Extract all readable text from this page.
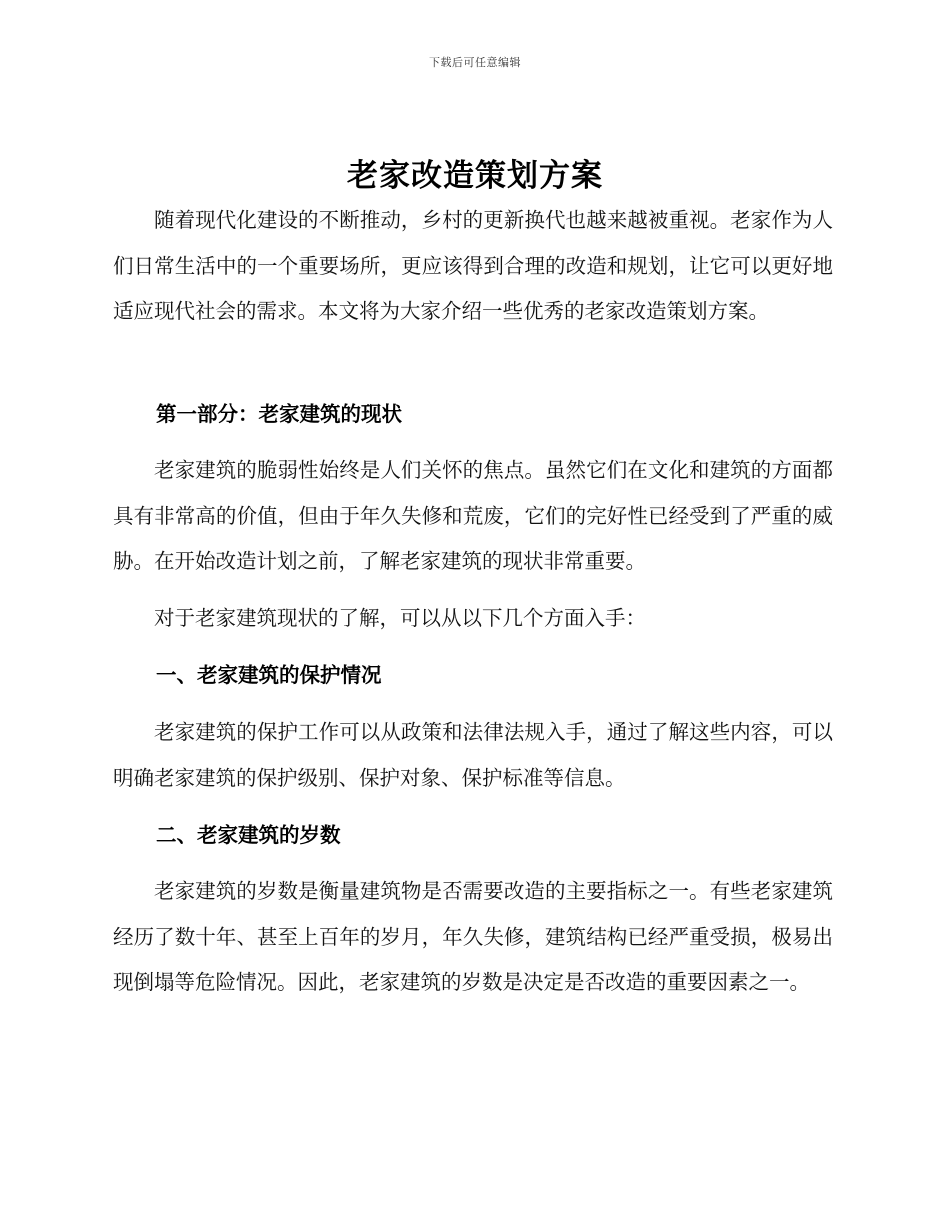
下载后可任意编辑
老家改造策划方案

随着现代化建设的不断推动，乡村的更新换代也越来越被重视。老家作为人们日常生活中的一个重要场所，更应该得到合理的改造和规划，让它可以更好地适应现代社会的需求。本文将为大家介绍一些优秀的老家改造策划方案。

第一部分：老家建筑的现状

老家建筑的脆弱性始终是人们关怀的焦点。虽然它们在文化和建筑的方面都具有非常高的价值，但由于年久失修和荒废，它们的完好性已经受到了严重的威胁。在开始改造计划之前，了解老家建筑的现状非常重要。

对于老家建筑现状的了解，可以从以下几个方面入手：

一、老家建筑的保护情况

老家建筑的保护工作可以从政策和法律法规入手，通过了解这些内容，可以明确老家建筑的保护级别、保护对象、保护标准等信息。

二、老家建筑的岁数

老家建筑的岁数是衡量建筑物是否需要改造的主要指标之一。有些老家建筑经历了数十年、甚至上百年的岁月，年久失修，建筑结构已经严重受损，极易出现倒塌等危险情况。因此，老家建筑的岁数是决定是否改造的重要因素之一。
